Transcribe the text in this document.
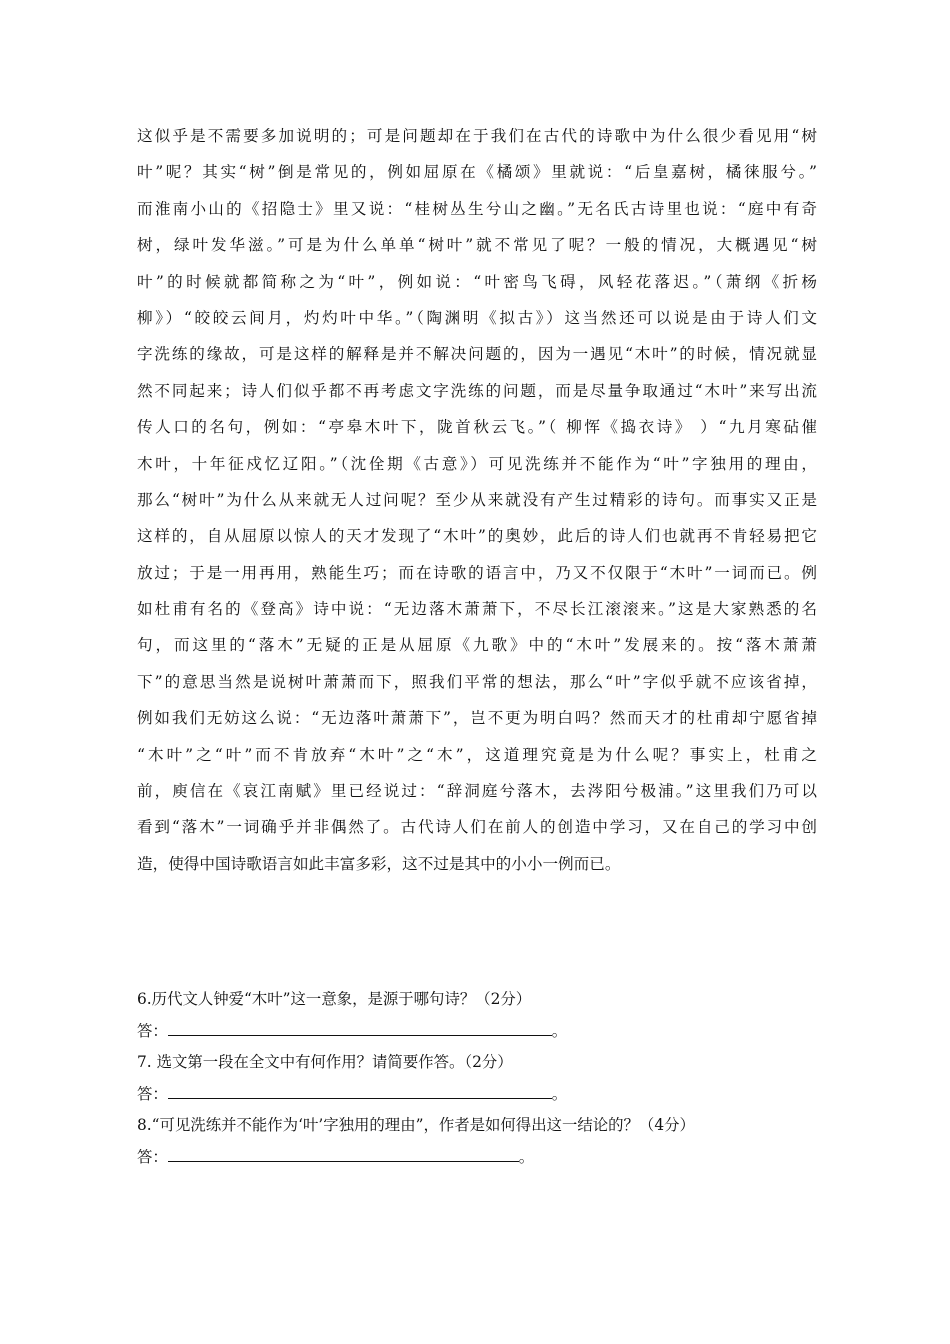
这似乎是不需要多加说明的；可是问题却在于我们在古代的诗歌中为什么很少看见用“树
叶”呢？其实“树”倒是常见的，例如屈原在《橘颂》里就说：“后皇嘉树，橘徕服兮。”
而淮南小山的《招隐士》里又说：“桂树丛生兮山之幽。”无名氏古诗里也说：“庭中有奇
树，绿叶发华滋。”可是为什么单单“树叶”就不常见了呢？一般的情况，大概遇见“树
叶”的时候就都简称之为“叶”，例如说：“叶密鸟飞碍，风轻花落迟。”（萧纲《折杨
柳》）“皎皎云间月，灼灼叶中华。”（陶渊明《拟古》）这当然还可以说是由于诗人们文
字洗练的缘故，可是这样的解释是并不解决问题的，因为一遇见“木叶”的时候，情况就显
然不同起来；诗人们似乎都不再考虑文字洗练的问题，而是尽量争取通过“木叶”来写出流
传人口的名句，例如：“亭皋木叶下，陇首秋云飞。”（ 柳恽《捣衣诗》 ）“九月寒砧催
木叶，十年征戍忆辽阳。”（沈佺期《古意》）可见洗练并不能作为“叶”字独用的理由，
那么“树叶”为什么从来就无人过问呢？至少从来就没有产生过精彩的诗句。而事实又正是
这样的，自从屈原以惊人的天才发现了“木叶”的奥妙，此后的诗人们也就再不肯轻易把它
放过；于是一用再用，熟能生巧；而在诗歌的语言中，乃又不仅限于“木叶”一词而已。例
如杜甫有名的《登高》诗中说：“无边落木萧萧下，不尽长江滚滚来。”这是大家熟悉的名
句，而这里的“落木”无疑的正是从屈原《九歌》中的“木叶”发展来的。按“落木萧萧
下”的意思当然是说树叶萧萧而下，照我们平常的想法，那么“叶”字似乎就不应该省掉，
例如我们无妨这么说：“无边落叶萧萧下”，岂不更为明白吗？然而天才的杜甫却宁愿省掉
“木叶”之“叶”而不肯放弃“木叶”之“木”，这道理究竟是为什么呢？事实上，杜甫之
前，庾信在《哀江南赋》里已经说过：“辞洞庭兮落木，去涔阳兮极浦。”这里我们乃可以
看到“落木”一词确乎并非偶然了。古代诗人们在前人的创造中学习，又在自己的学习中创
造，使得中国诗歌语言如此丰富多彩，这不过是其中的小小一例而已。
6.历代文人钟爱“木叶”这一意象，是源于哪句诗？（2分）
答：	。
7. 选文第一段在全文中有何作用？请简要作答。（2分）
答：	。
8.“可见洗练并不能作为‘叶’字独用的理由”，作者是如何得出这一结论的？（4分）
答：	。
